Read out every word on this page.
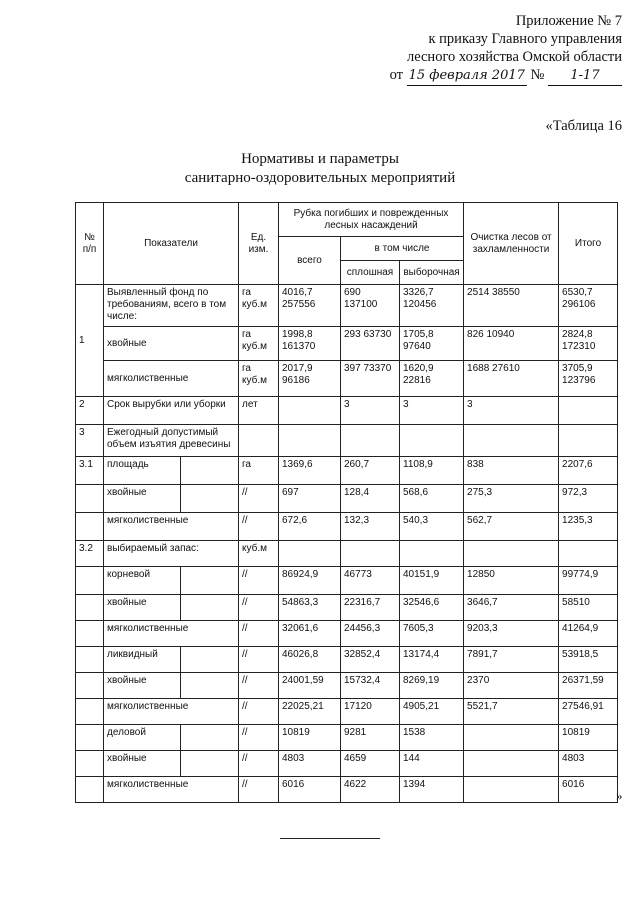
Приложение № 7
к приказу Главного управления
лесного хозяйства Омской области
от 15 февраля 2017 № 1-17
«Таблица 16
Нормативы и параметры
санитарно-оздоровительных мероприятий
№ п/п	Показатели		Ед. изм.	Рубка погибших и поврежденных лесных насаждений			Очистка лесов от захламленности	Итого
				всего	в том числе			
					сплошная	выборочная		
1	Выявленный фонд по требованиям, всего в том числе:		га куб.м	4016,7 257556	690 137100	3326,7 120456	2514 38550	6530,7 296106
	хвойные		га куб.м	1998,8 161370	293 63730	1705,8 97640	826 10940	2824,8 172310
	мягколиственные		га куб.м	2017,9 96186	397 73370	1620,9 22816	1688 27610	3705,9 123796
2	Срок вырубки или уборки		лет		3	3	3	
3	Ежегодный допустимый объем изъятия древесины							
3.1	площадь		га	1369,6	260,7	1108,9	838	2207,6
	хвойные		//	697	128,4	568,6	275,3	972,3
	мягколиственные		//	672,6	132,3	540,3	562,7	1235,3
3.2	выбираемый запас:		куб.м					
	корневой		//	86924,9	46773	40151,9	12850	99774,9
	хвойные		//	54863,3	22316,7	32546,6	3646,7	58510
	мягколиственные		//	32061,6	24456,3	7605,3	9203,3	41264,9
	ликвидный		//	46026,8	32852,4	13174,4	7891,7	53918,5
	хвойные		//	24001,59	15732,4	8269,19	2370	26371,59
	мягколиственные		//	22025,21	17120	4905,21	5521,7	27546,91
	деловой		//	10819	9281	1538		10819
	хвойные		//	4803	4659	144		4803
	мягколиственные		//	6016	4622	1394		6016
»
